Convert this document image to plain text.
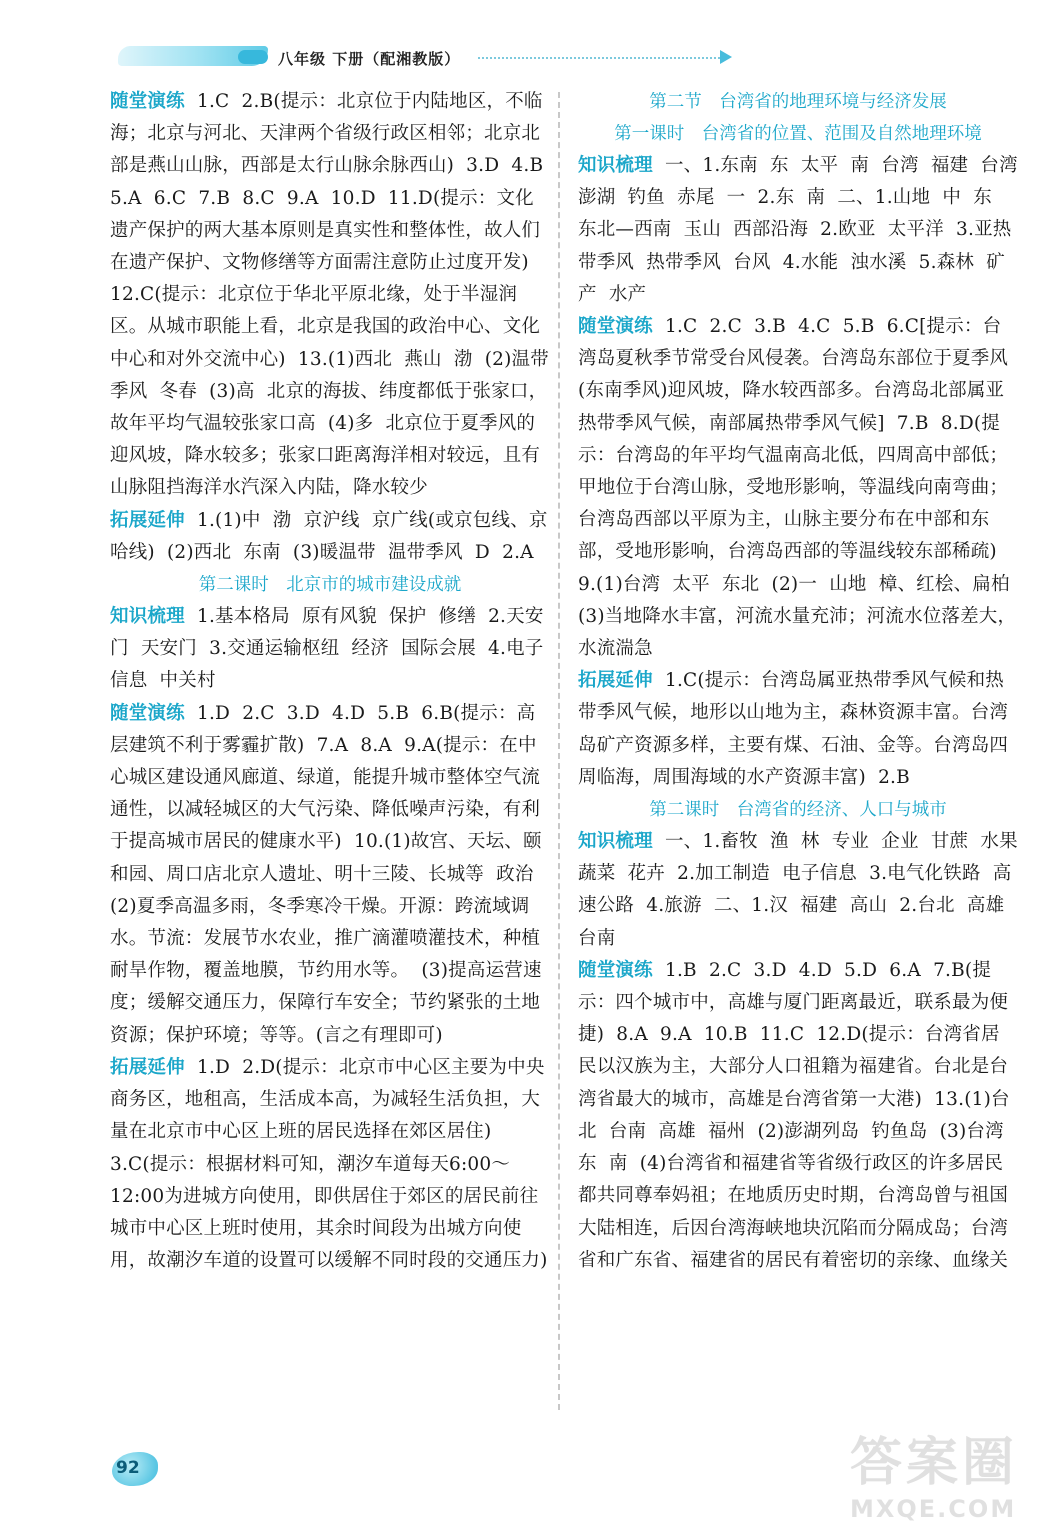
八年级 下册（配湘教版）

随堂演练 1.C  2.B(提示：北京位于内陆地区，不临海；北京与河北、天津两个省级行政区相邻；北京北部是燕山山脉，西部是太行山脉余脉西山)  3.D  4.B  5.A  6.C  7.B  8.C  9.A  10.D  11.D(提示：文化遗产保护的两大基本原则是真实性和整体性，故人们在遗产保护、文物修缮等方面需注意防止过度开发)  12.C(提示：北京位于华北平原北缘，处于半湿润区。从城市职能上看，北京是我国的政治中心、文化中心和对外交流中心)  13.(1)西北  燕山  渤  (2)温带季风  冬春  (3)高  北京的海拔、纬度都低于张家口，故年平均气温较张家口高  (4)多  北京位于夏季风的迎风坡，降水较多；张家口距离海洋相对较远，且有山脉阻挡海洋水汽深入内陆，降水较少

拓展延伸 1.(1)中  渤  京沪线  京广线(或京包线、京哈线)  (2)西北  东南  (3)暖温带  温带季风  D  2.A

第二课时　北京市的城市建设成就

知识梳理 1.基本格局  原有风貌  保护  修缮  2.天安门  天安门  3.交通运输枢纽  经济  国际会展  4.电子  信息  中关村

随堂演练 1.D  2.C  3.D  4.D  5.B  6.B(提示：高层建筑不利于雾霾扩散)  7.A  8.A  9.A(提示：在中心城区建设通风廊道、绿道，能提升城市整体空气流通性，以减轻城区的大气污染、降低噪声污染，有利于提高城市居民的健康水平)  10.(1)故宫、天坛、颐和园、周口店北京人遗址、明十三陵、长城等  政治  (2)夏季高温多雨，冬季寒冷干燥。开源：跨流域调水。节流：发展节水农业，推广滴灌喷灌技术，种植耐旱作物，覆盖地膜，节约用水等。  (3)提高运营速度；缓解交通压力，保障行车安全；节约紧张的土地资源；保护环境；等等。(言之有理即可)

拓展延伸 1.D  2.D(提示：北京市中心区主要为中央商务区，地租高，生活成本高，为减轻生活负担，大量在北京市中心区上班的居民选择在郊区居住)  3.C(提示：根据材料可知，潮汐车道每天6:00～12:00为进城方向使用，即供居住于郊区的居民前往城市中心区上班时使用，其余时间段为出城方向使用，故潮汐车道的设置可以缓解不同时段的交通压力)

第二节　台湾省的地理环境与经济发展

第一课时　台湾省的位置、范围及自然地理环境

知识梳理 一、1.东南  东  太平  南  台湾  福建  台湾  澎湖  钓鱼  赤尾  一  2.东  南  二、1.山地  中  东  东北—西南  玉山  西部沿海  2.欧亚  太平洋  3.亚热带季风  热带季风  台风  4.水能  浊水溪  5.森林  矿产  水产

随堂演练 1.C  2.C  3.B  4.C  5.B  6.C[提示：台湾岛夏秋季节常受台风侵袭。台湾岛东部位于夏季风(东南季风)迎风坡，降水较西部多。台湾岛北部属亚热带季风气候，南部属热带季风气候]  7.B  8.D(提示：台湾岛的年平均气温南高北低，四周高中部低；甲地位于台湾山脉，受地形影响，等温线向南弯曲；台湾岛西部以平原为主，山脉主要分布在中部和东部，受地形影响，台湾岛西部的等温线较东部稀疏)  9.(1)台湾  太平  东北  (2)一  山地  樟、红桧、扁柏  (3)当地降水丰富，河流水量充沛；河流水位落差大，水流湍急

拓展延伸 1.C(提示：台湾岛属亚热带季风气候和热带季风气候，地形以山地为主，森林资源丰富。台湾岛矿产资源多样，主要有煤、石油、金等。台湾岛四周临海，周围海域的水产资源丰富)  2.B

第二课时　台湾省的经济、人口与城市

知识梳理 一、1.畜牧  渔  林  专业  企业  甘蔗  水果  蔬菜  花卉  2.加工制造  电子信息  3.电气化铁路  高速公路  4.旅游  二、1.汉  福建  高山  2.台北  高雄  台南

随堂演练 1.B  2.C  3.D  4.D  5.D  6.A  7.B(提示：四个城市中，高雄与厦门距离最近，联系最为便捷)  8.A  9.A  10.B  11.C  12.D(提示：台湾省居民以汉族为主，大部分人口祖籍为福建省。台北是台湾省最大的城市，高雄是台湾省第一大港)  13.(1)台北  台南  高雄  福州  (2)澎湖列岛  钓鱼岛  (3)台湾  东  南  (4)台湾省和福建省等省级行政区的许多居民都共同尊奉妈祖；在地质历史时期，台湾岛曾与祖国大陆相连，后因台湾海峡地块沉陷而分隔成岛；台湾省和广东省、福建省的居民有着密切的亲缘、血缘关

92	答案圈
MXQE.COM
